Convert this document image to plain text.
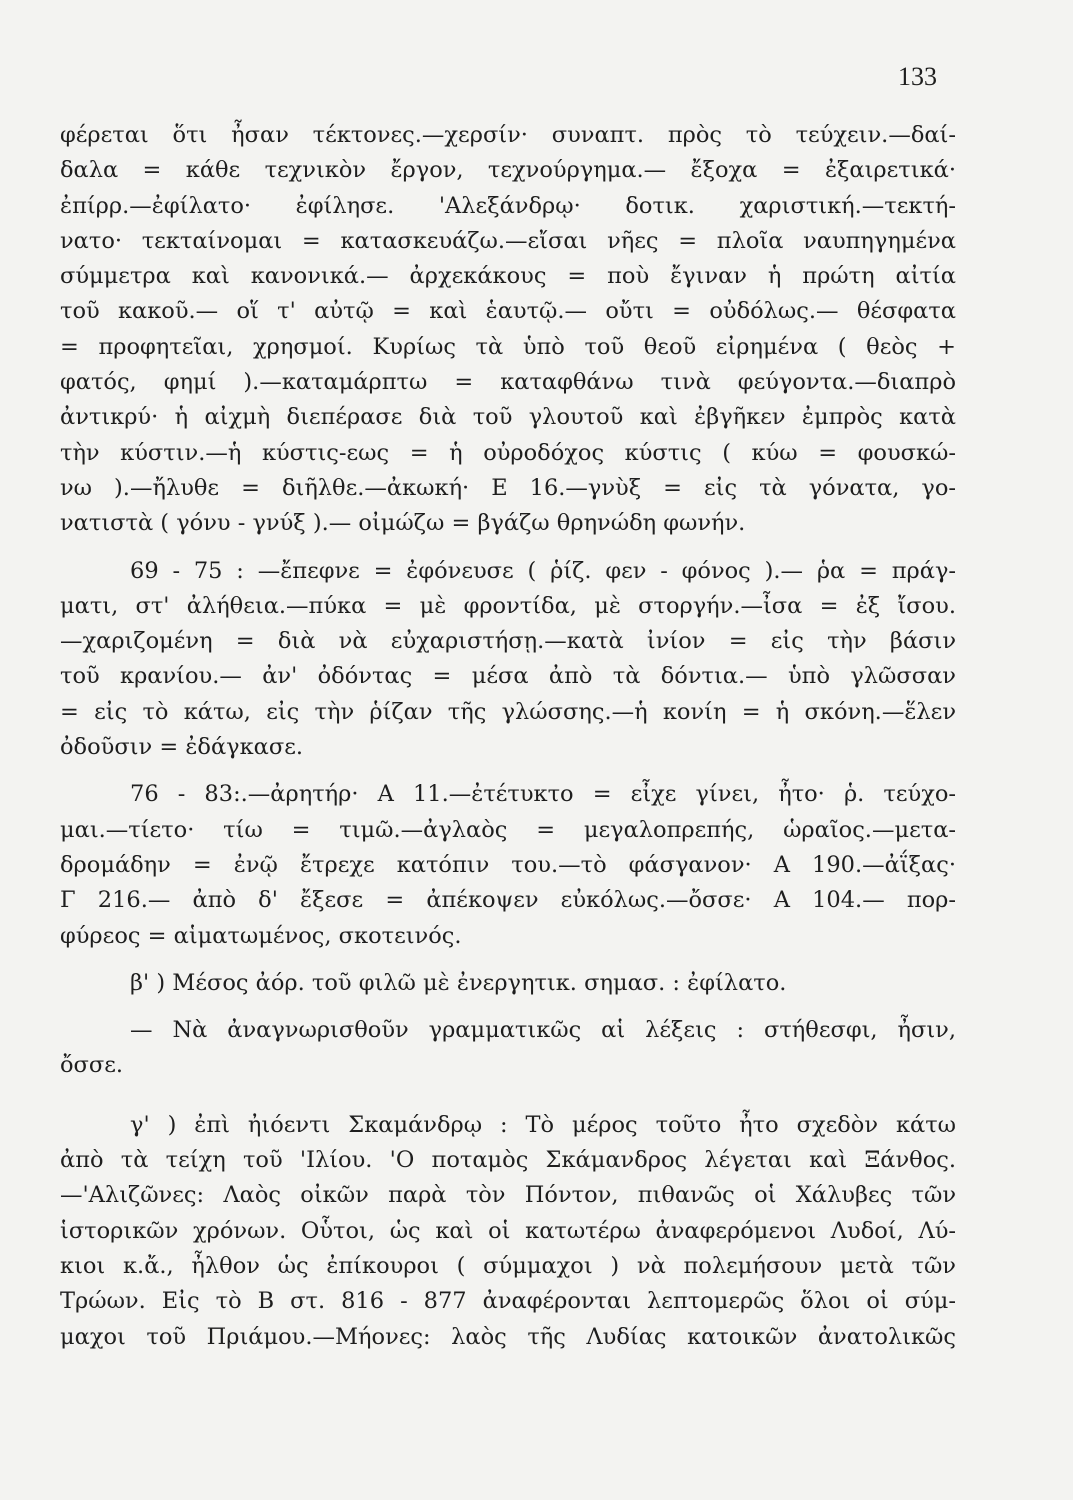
133

φέρεται ὅτι ἦσαν τέκτονες.—χερσίν· συναπτ. πρὸς τὸ τεύχειν.—δαί-
δαλα = κάθε τεχνικὸν ἔργον, τεχνούργημα.— ἔξοχα = ἐξαιρετικά·
ἐπίρρ.—ἐφίλατο· ἐφίλησε. 'Αλεξάνδρῳ· δοτικ. χαριστική.—τεκτή-
νατο· τεκταίνομαι = κατασκευάζω.—εἴσαι νῆες = πλοῖα ναυπηγημένα
σύμμετρα καὶ κανονικά.— ἀρχεκάκους = ποὺ ἔγιναν ἡ πρώτη αἰτία
τοῦ κακοῦ.— οἵ τ' αὐτῷ = καὶ ἑαυτῷ.— οὔτι = οὐδόλως.— θέσφατα
= προφητεῖαι, χρησμοί. Κυρίως τὰ ὑπὸ τοῦ θεοῦ εἰρημένα ( θεὸς +
φατός, φημί ).—καταμάρπτω = καταφθάνω τινὰ φεύγοντα.—διαπρὸ
ἀντικρύ· ἡ αἰχμὴ διεπέρασε διὰ τοῦ γλουτοῦ καὶ ἐβγῆκεν ἐμπρὸς κατὰ
τὴν κύστιν.—ἡ κύστις-εως = ἡ οὐροδόχος κύστις ( κύω = φουσκώ-
νω ).—ἤλυθε = διῆλθε.—ἀκωκή· Ε 16.—γνὺξ = εἰς τὰ γόνατα, γο-
νατιστὰ ( γόνυ - γνύξ ).— οἰμώζω = βγάζω θρηνώδη φωνήν.

69 - 75 : —ἔπεφνε = ἐφόνευσε ( ῥίζ. φεν - φόνος ).— ῥα = πράγ-
ματι, στ' ἀλήθεια.—πύκα = μὲ φροντίδα, μὲ στοργήν.—ἶσα = ἐξ ἴσου.
—χαριζομένη = διὰ νὰ εὐχαριστήσῃ.—κατὰ ἰνίον = εἰς τὴν βάσιν
τοῦ κρανίου.— ἀν' ὀδόντας = μέσα ἀπὸ τὰ δόντια.— ὑπὸ γλῶσσαν
= εἰς τὸ κάτω, εἰς τὴν ῥίζαν τῆς γλώσσης.—ἡ κονίη = ἡ σκόνη.—ἕλεν
ὀδοῦσιν = ἐδάγκασε.

76 - 83:.—ἀρητήρ· Α 11.—ἐτέτυκτο = εἶχε γίνει, ἦτο· ῥ. τεύχο-
μαι.—τίετο· τίω = τιμῶ.—ἀγλαὸς = μεγαλοπρεπής, ὡραῖος.—μετα-
δρομάδην = ἐνῷ ἔτρεχε κατόπιν του.—τὸ φάσγανον· Α 190.—ἀΐξας·
Γ 216.— ἀπὸ δ' ἔξεσε = ἀπέκοψεν εὐκόλως.—ὄσσε· Α 104.— πορ-
φύρεος = αἱματωμένος, σκοτεινός.

β' ) Μέσος ἀόρ. τοῦ φιλῶ μὲ ἐνεργητικ. σημασ. : ἐφίλατο.

— Νὰ ἀναγνωρισθοῦν γραμματικῶς αἱ λέξεις : στήθεσφι, ἦσιν,
ὄσσε.

γ' ) ἐπὶ ἠιόεντι Σκαμάνδρῳ : Τὸ μέρος τοῦτο ἦτο σχεδὸν κάτω
ἀπὸ τὰ τείχη τοῦ 'Ιλίου. 'Ο ποταμὸς Σκάμανδρος λέγεται καὶ Ξάνθος.
—'Αλιζῶνες: Λαὸς οἰκῶν παρὰ τὸν Πόντον, πιθανῶς οἱ Χάλυβες τῶν
ἱστορικῶν χρόνων. Οὗτοι, ὡς καὶ οἱ κατωτέρω ἀναφερόμενοι Λυδοί, Λύ-
κιοι κ.ἄ., ἦλθον ὡς ἐπίκουροι ( σύμμαχοι ) νὰ πολεμήσουν μετὰ τῶν
Τρώων. Εἰς τὸ Β στ. 816 - 877 ἀναφέρονται λεπτομερῶς ὅλοι οἱ σύμ-
μαχοι τοῦ Πριάμου.—Μήονες: λαὸς τῆς Λυδίας κατοικῶν ἀνατολικῶς
